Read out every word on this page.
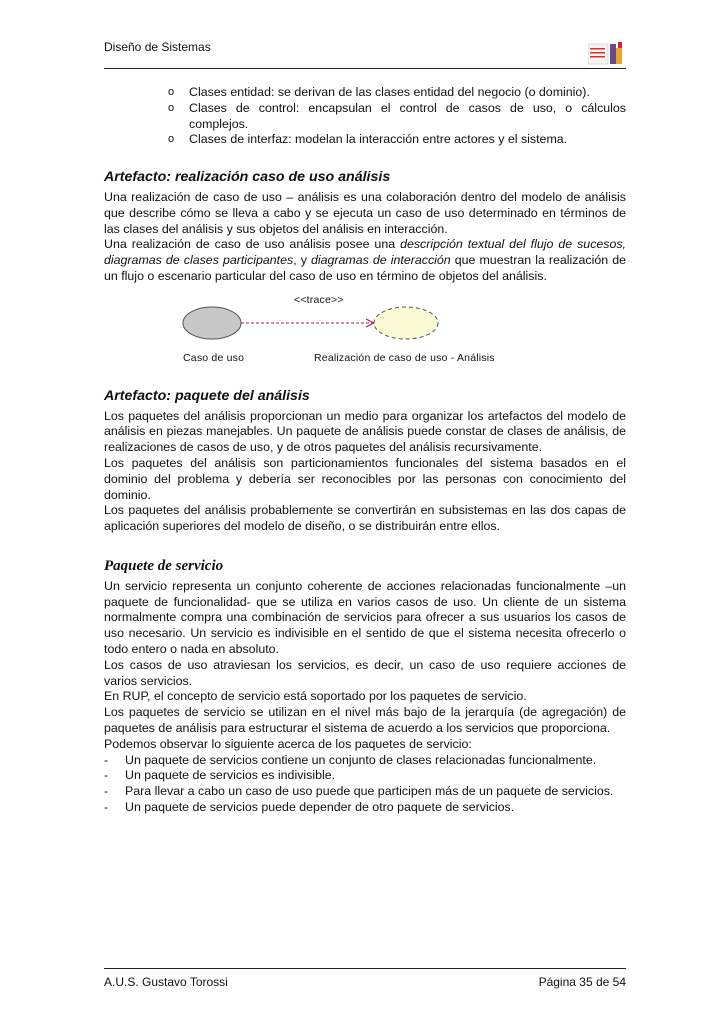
Diseño de Sistemas
o Clases entidad: se derivan de las clases entidad del negocio (o dominio).
o Clases de control: encapsulan el control de casos de uso, o cálculos complejos.
o Clases de interfaz: modelan la interacción entre actores y el sistema.
Artefacto: realización caso de uso análisis

Una realización de caso de uso – análisis es una colaboración dentro del modelo de análisis que describe cómo se lleva a cabo y se ejecuta un caso de uso determinado en términos de las clases del análisis y sus objetos del análisis en interacción.

Una realización de caso de uso análisis posee una descripción textual del flujo de sucesos, diagramas de clases participantes, y diagramas de interacción que muestran la realización de un flujo o escenario particular del caso de uso en término de objetos del análisis.

<<trace>>
Caso de uso	Realización de caso de uso - Análisis
Artefacto: paquete del análisis

Los paquetes del análisis proporcionan un medio para organizar los artefactos del modelo de análisis en piezas manejables. Un paquete de análisis puede constar de clases de análisis, de realizaciones de casos de uso, y de otros paquetes del análisis recursivamente.

Los paquetes del análisis son particionamientos funcionales del sistema basados en el dominio del problema y debería ser reconocibles por las personas con conocimiento del dominio.

Los paquetes del análisis probablemente se convertirán en subsistemas en las dos capas de aplicación superiores del modelo de diseño, o se distribuirán entre ellos.

Paquete de servicio

Un servicio representa un conjunto coherente de acciones relacionadas funcionalmente –un paquete de funcionalidad- que se utiliza en varios casos de uso. Un cliente de un sistema normalmente compra una combinación de servicios para ofrecer a sus usuarios los casos de uso necesario. Un servicio es indivisible en el sentido de que el sistema necesita ofrecerlo o todo entero o nada en absoluto.

Los casos de uso atraviesan los servicios, es decir, un caso de uso requiere acciones de varios servicios.

En RUP, el concepto de servicio está soportado por los paquetes de servicio.

Los paquetes de servicio se utilizan en el nivel más bajo de la jerarquía (de agregación) de paquetes de análisis para estructurar el sistema de acuerdo a los servicios que proporciona.

Podemos observar lo siguiente acerca de los paquetes de servicio:

- Un paquete de servicios contiene un conjunto de clases relacionadas funcionalmente.
- Un paquete de servicios es indivisible.
- Para llevar a cabo un caso de uso puede que participen más de un paquete de servicios.
- Un paquete de servicios puede depender de otro paquete de servicios.
A.U.S. Gustavo Torossi	Página 35 de 54
